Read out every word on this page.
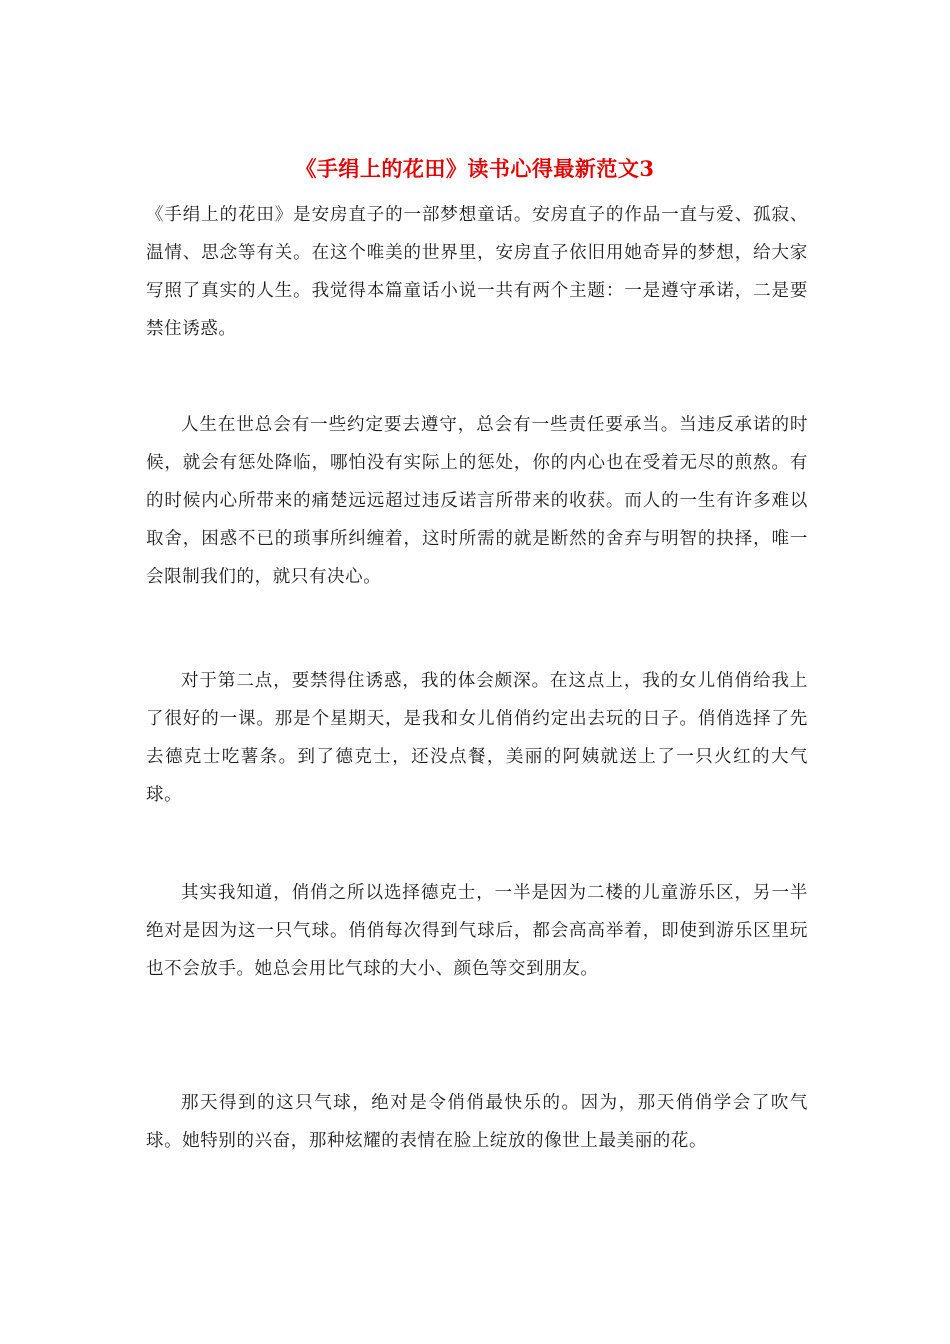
《手绢上的花田》读书心得最新范文3

《手绢上的花田》是安房直子的一部梦想童话。安房直子的作品一直与爱、孤寂、温情、思念等有关。在这个唯美的世界里，安房直子依旧用她奇异的梦想，给大家写照了真实的人生。我觉得本篇童话小说一共有两个主题：一是遵守承诺，二是要禁住诱惑。

人生在世总会有一些约定要去遵守，总会有一些责任要承当。当违反承诺的时候，就会有惩处降临，哪怕没有实际上的惩处，你的内心也在受着无尽的煎熬。有的时候内心所带来的痛楚远远超过违反诺言所带来的收获。而人的一生有许多难以取舍，困惑不已的琐事所纠缠着，这时所需的就是断然的舍弃与明智的抉择，唯一会限制我们的，就只有决心。

对于第二点，要禁得住诱惑，我的体会颇深。在这点上，我的女儿俏俏给我上了很好的一课。那是个星期天，是我和女儿俏俏约定出去玩的日子。俏俏选择了先去德克士吃薯条。到了德克士，还没点餐，美丽的阿姨就送上了一只火红的大气球。

其实我知道，俏俏之所以选择德克士，一半是因为二楼的儿童游乐区，另一半绝对是因为这一只气球。俏俏每次得到气球后，都会高高举着，即使到游乐区里玩也不会放手。她总会用比气球的大小、颜色等交到朋友。

那天得到的这只气球，绝对是令俏俏最快乐的。因为，那天俏俏学会了吹气球。她特别的兴奋，那种炫耀的表情在脸上绽放的像世上最美丽的花。
